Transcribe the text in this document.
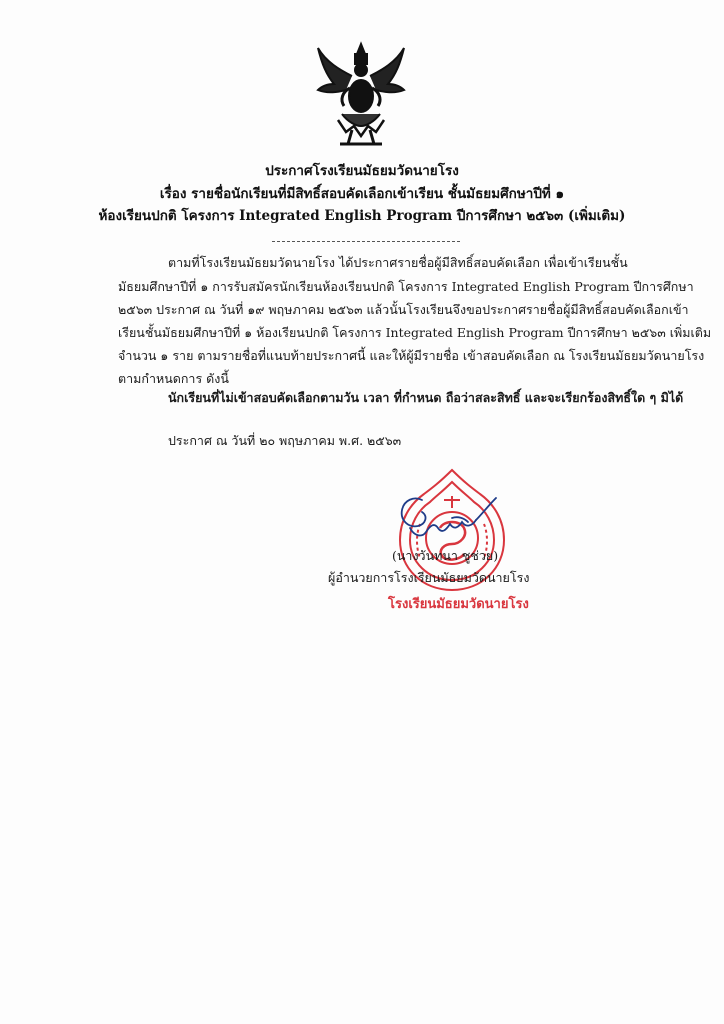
ประกาศโรงเรียนมัธยมวัดนายโรง
เรื่อง รายชื่อนักเรียนที่มีสิทธิ์สอบคัดเลือกเข้าเรียน ชั้นมัธยมศึกษาปีที่ ๑
ห้องเรียนปกติ โครงการ Integrated English Program ปีการศึกษา ๒๕๖๓ (เพิ่มเติม)
ตามที่โรงเรียนมัธยมวัดนายโรง ได้ประกาศรายชื่อผู้มีสิทธิ์สอบคัดเลือก เพื่อเข้าเรียนชั้น
มัธยมศึกษาปีที่ ๑ การรับสมัครนักเรียนห้องเรียนปกติ โครงการ Integrated English Program ปีการศึกษา
๒๕๖๓ ประกาศ ณ วันที่ ๑๙ พฤษภาคม ๒๕๖๓ แล้วนั้นโรงเรียนจึงขอประกาศรายชื่อผู้มีสิทธิ์สอบคัดเลือกเข้า
เรียนชั้นมัธยมศึกษาปีที่ ๑ ห้องเรียนปกติ โครงการ Integrated English Program ปีการศึกษา ๒๕๖๓ เพิ่มเติม
จำนวน ๑ ราย ตามรายชื่อที่แนบท้ายประกาศนี้ และให้ผู้มีรายชื่อ เข้าสอบคัดเลือก ณ โรงเรียนมัธยมวัดนายโรง
ตามกำหนดการ ดังนี้
นักเรียนที่ไม่เข้าสอบคัดเลือกตามวัน เวลา ที่กำหนด ถือว่าสละสิทธิ์ และจะเรียกร้องสิทธิ์ใด ๆ มิได้
ประกาศ ณ วันที่ ๒๐ พฤษภาคม พ.ศ. ๒๕๖๓
(นางวันทนา ชูช่วย)
ผู้อำนวยการโรงเรียนมัธยมวัดนายโรง
โรงเรียนมัธยมวัดนายโรง
